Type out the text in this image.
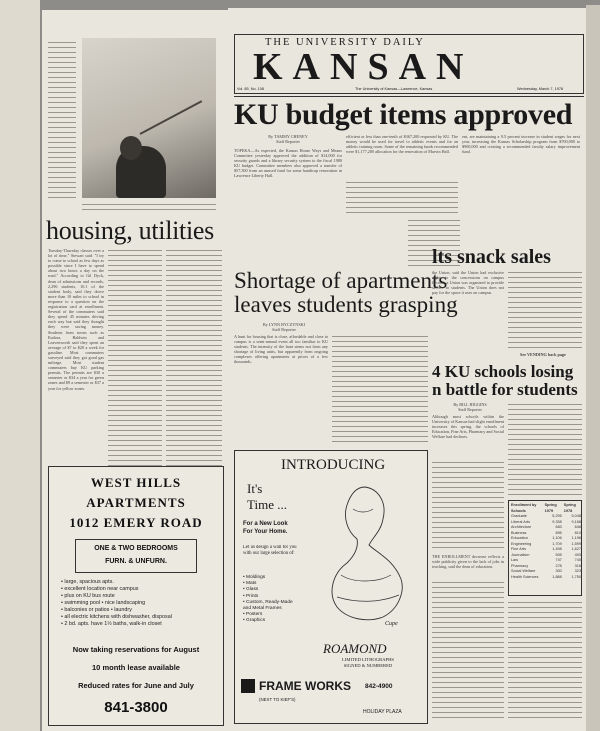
housing, utilities
Tuesday-Thursday classes over a lot of time," Stewart said. "I try to come to school as few days as possible since I have to spend about two hours a day on the road." According to Gil Dyck, dean of admissions and records, 2,296 students, 10.1 of the student body, said they drove more than 10 miles to school in response to a question on the registration card at enrollment. Several of the commuters said they spend 45 minutes driving each way but said they thought they were saving money. Students from towns such as Eudora, Baldwin and Leavenworth said they spent an average of $7 to $20 a week for gasoline. Most commuters surveyed said they got good gas mileage. Most student commuters buy KU parking permits. The permits are $30 a semester or $34 a year for green zones and $9 a semester or $37 a year for yellow zones.
WEST HILLS
APARTMENTS
1012 EMERY ROAD
ONE & TWO BEDROOMS
FURN. & UNFURN.
• large, spacious apts.
• excellent location near campus
• plus on KU bus route
• swimming pool • nice landscaping
• balconies or patios • laundry
• all electric kitchens with dishwasher, disposal
• 2 bd. apts. have 1½ baths, walk-in closet
Now taking reservations for August
10 month lease available
Reduced rates for June and July
841-3800
THE UNIVERSITY DAILY
KANSAN
Vol. 85, No. 108	The University of Kansas—Lawrence, Kansas	Wednesday, March 7, 1978
KU budget items approved
By TAMMY CHENEY
Staff Reporter
TOPEKA—As expected, the Kansas House Ways and Means Committee yesterday approved the addition of $14,000 for security guards and a library security system to the fiscal 1980 KU budget. Committee members also approved a transfer of $57,300 from an unused fund for some handicap renovation in Lawrence Liberty Hall.
efficient or less than one-tenth of $367,200 requested by KU. The money would be used for travel to athletic events and for an athletic training room. Some of the remaining funds recommended were $1,177,200 allocation for the renovation of Marvin Hall.
ent, are maintaining a 9.5 percent increase in student wages for next year, increasing the Kansas Scholarship program from $700,000 to $900,000 and creating a recommended faculty salary improvement fund.
Shortage of apartments
leaves students grasping
By LYNN BYCZYNSKI
Staff Reporter
A hunt for housing that is close, affordable and close to campus is a semi-annual event all too familiar to KU students. The intensity of the hunt stems not from any shortage of living units, but apparently from ongoing complexes offering apartments at prices of a few thousands.
lts snack sales
the Union, said the Union had exclusive rights to the concessions on campus because a Union was organized to provide service to students. The Union does not pay for the space it uses on campus.
See VENDING back page
4 KU schools losing
n battle for students
By BILL HIGGINS
Staff Reporter
Although most schools within the University of Kansas had slight enrollment increases this spring, the schools of Education, Fine Arts, Pharmacy and Social Welfare had declines.
THE ENROLLMENT decrease reflects a wide publicity given to the lack of jobs in teaching, said the dean of education.
Enrollment by Schools	Spring 1979	Spring 1978
Graduate	5,295	5,048
Liberal Arts	9,338	9,168
Architecture	683	646
Business	895	810
Education	1,106	1,196
Engineering	1,709	1,599
Fine Arts	1,498	1,627
Journalism	505	493
Law	747	740
Pharmacy	278	316
Social Welfare	300	323
Health Sciences	1,888	1,750
INTRODUCING
It's
Time ...
For a New Look
For Your Home.
Let us design a wall for you with our large selection of:
• Moldings
• Mats
• Glass
• Prints
• Custom, Ready-Made and Metal Frames
• Posters
• Graphics
Cupe
ROAMOND
LIMITED LITHOGRAPHS
SIGNED & NUMBERED
FRAME WORKS
(NEXT TO KIEF'S)
842-4900
HOLIDAY PLAZA
